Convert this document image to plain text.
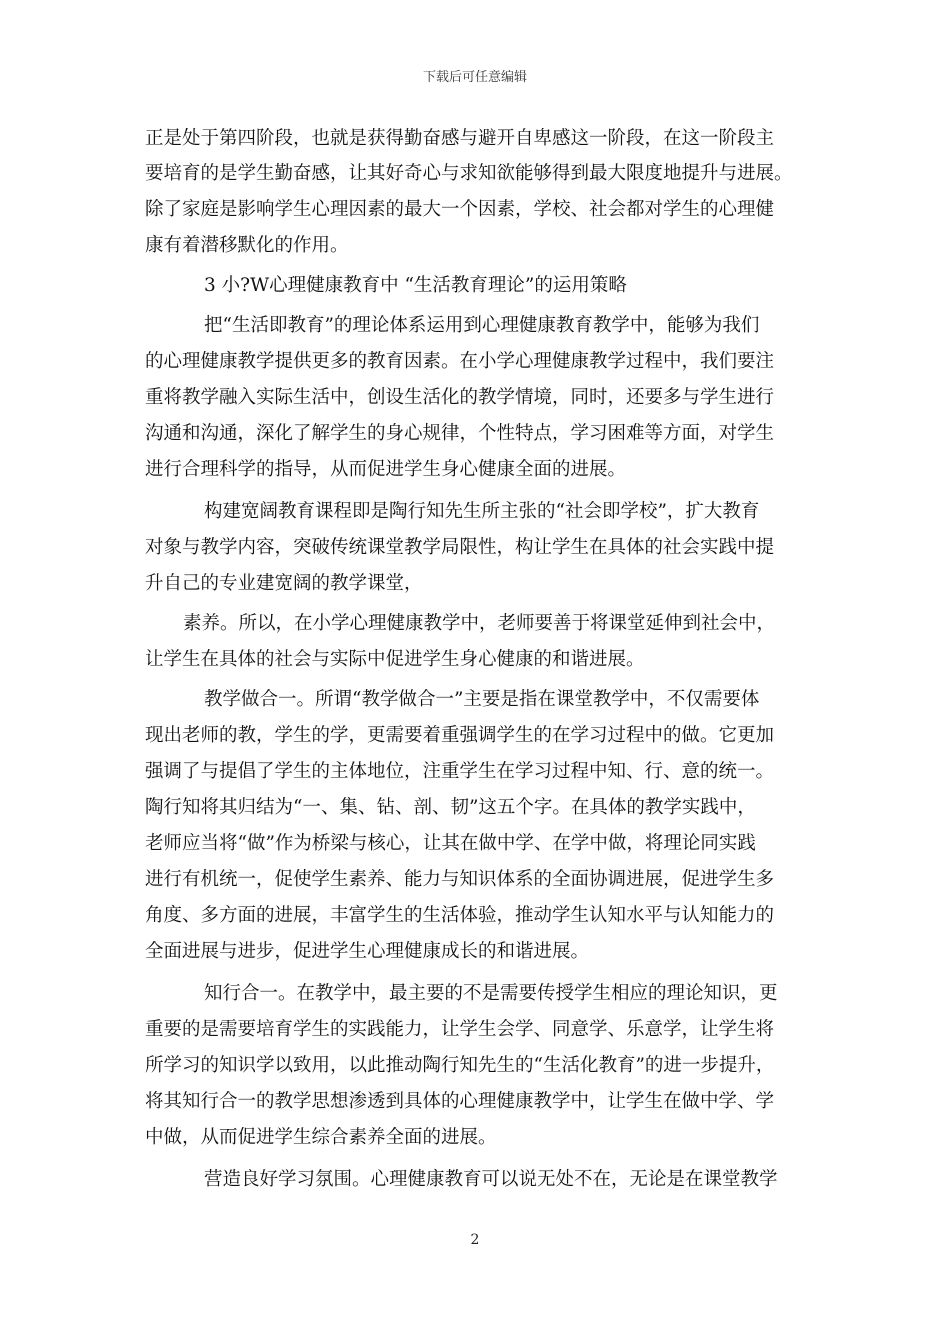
下载后可任意编辑
正是处于第四阶段，也就是获得勤奋感与避开自卑感这一阶段，在这一阶段主
要培育的是学生勤奋感，让其好奇心与求知欲能够得到最大限度地提升与进展。
除了家庭是影响学生心理因素的最大一个因素，学校、社会都对学生的心理健
康有着潜移默化的作用。
3 小?W心理健康教育中 “生活教育理论”的运用策略
把“生活即教育”的理论体系运用到心理健康教育教学中，能够为我们
的心理健康教学提供更多的教育因素。在小学心理健康教学过程中，我们要注
重将教学融入实际生活中，创设生活化的教学情境，同时，还要多与学生进行
沟通和沟通，深化了解学生的身心规律，个性特点，学习困难等方面，对学生
进行合理科学的指导，从而促进学生身心健康全面的进展。
构建宽阔教育课程即是陶行知先生所主张的“社会即学校”，扩大教育
对象与教学内容，突破传统课堂教学局限性，构让学生在具体的社会实践中提
升自己的专业建宽阔的教学课堂，
素养。所以，在小学心理健康教学中，老师要善于将课堂延伸到社会中，
让学生在具体的社会与实际中促进学生身心健康的和谐进展。
教学做合一。所谓“教学做合一”主要是指在课堂教学中，不仅需要体
现出老师的教，学生的学，更需要着重强调学生的在学习过程中的做。它更加
强调了与提倡了学生的主体地位，注重学生在学习过程中知、行、意的统一。
陶行知将其归结为“一、集、钻、剖、韧”这五个字。在具体的教学实践中，
老师应当将“做”作为桥梁与核心，让其在做中学、在学中做，将理论同实践
进行有机统一，促使学生素养、能力与知识体系的全面协调进展，促进学生多
角度、多方面的进展，丰富学生的生活体验，推动学生认知水平与认知能力的
全面进展与进步，促进学生心理健康成长的和谐进展。
知行合一。在教学中，最主要的不是需要传授学生相应的理论知识，更
重要的是需要培育学生的实践能力，让学生会学、同意学、乐意学，让学生将
所学习的知识学以致用，以此推动陶行知先生的“生活化教育”的进一步提升，
将其知行合一的教学思想渗透到具体的心理健康教学中，让学生在做中学、学
中做，从而促进学生综合素养全面的进展。
营造良好学习氛围。心理健康教育可以说无处不在，无论是在课堂教学
2
